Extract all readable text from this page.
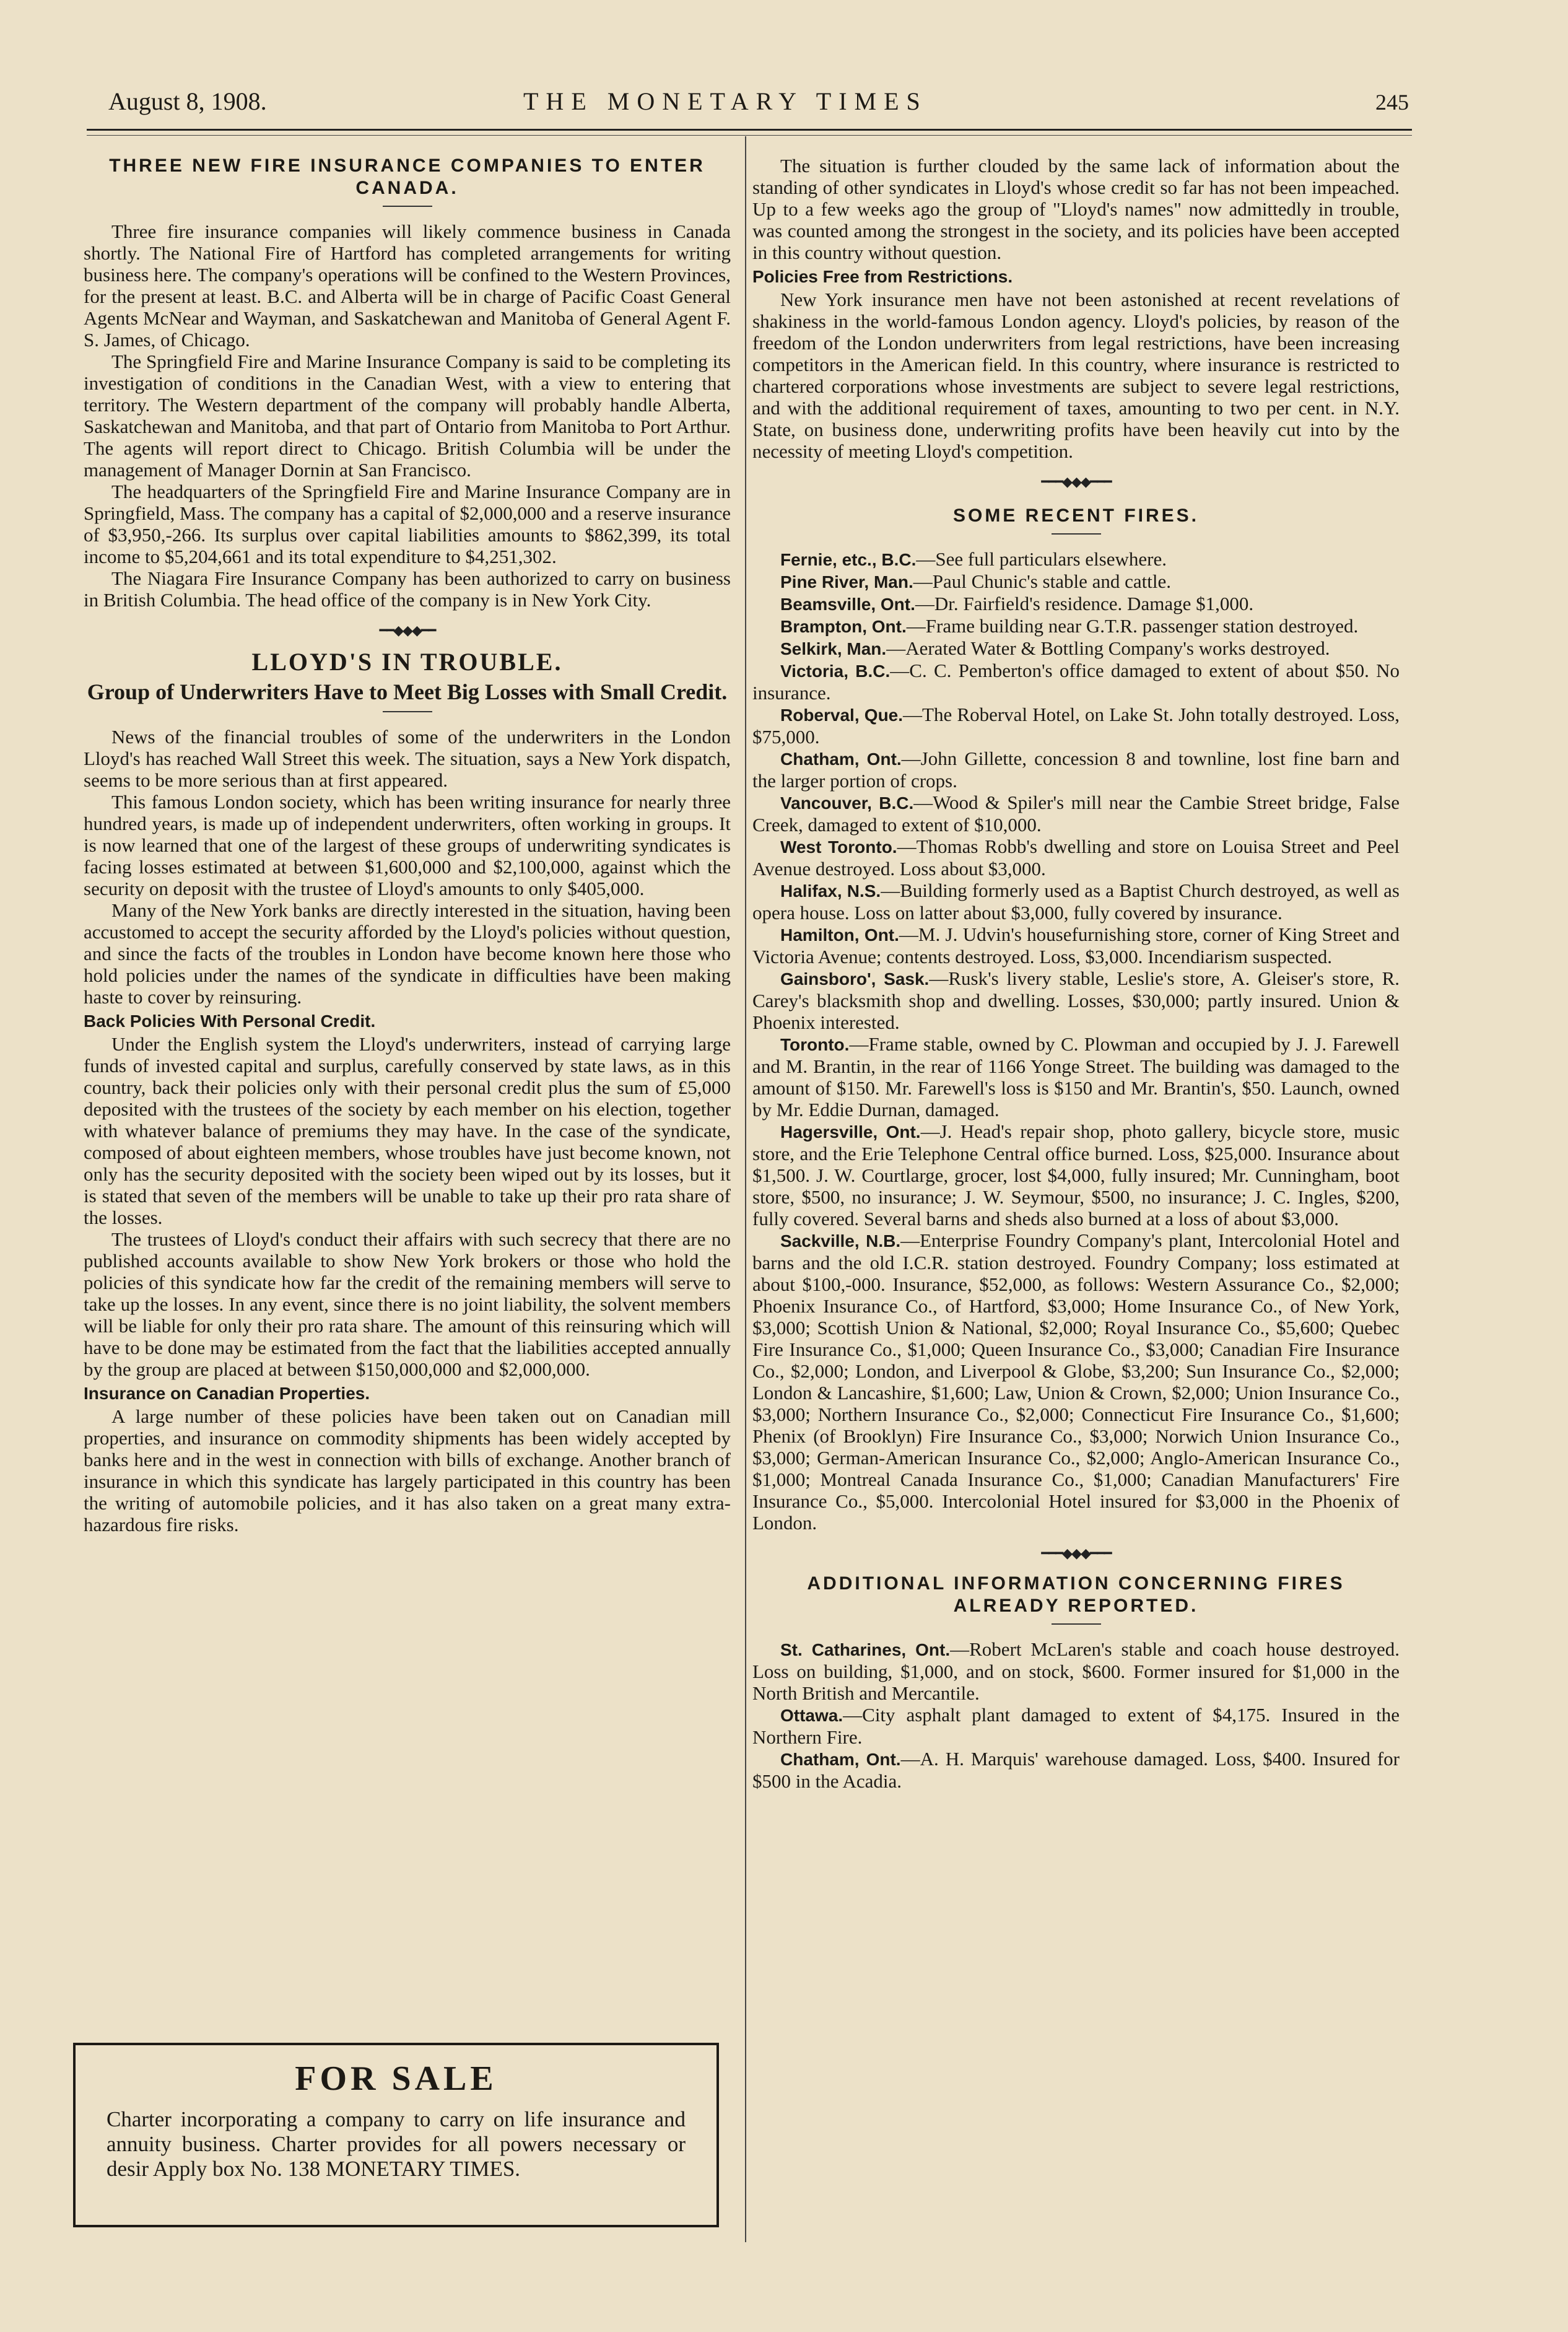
August 8, 1908.	THE MONETARY TIMES	245
THREE NEW FIRE INSURANCE COMPANIES TO ENTER CANADA.

Three fire insurance companies will likely commence business in Canada shortly. The National Fire of Hartford has completed arrangements for writing business here. The company's operations will be confined to the Western Provinces, for the present at least. B.C. and Alberta will be in charge of Pacific Coast General Agents McNear and Wayman, and Saskatchewan and Manitoba of General Agent F. S. James, of Chicago.

The Springfield Fire and Marine Insurance Company is said to be completing its investigation of conditions in the Canadian West, with a view to entering that territory. The Western department of the company will probably handle Alberta, Saskatchewan and Manitoba, and that part of Ontario from Manitoba to Port Arthur. The agents will report direct to Chicago. British Columbia will be under the management of Manager Dornin at San Francisco.

The headquarters of the Springfield Fire and Marine Insurance Company are in Springfield, Mass. The company has a capital of $2,000,000 and a reserve insurance of $3,950,-266. Its surplus over capital liabilities amounts to $862,399, its total income to $5,204,661 and its total expenditure to $4,251,302.

The Niagara Fire Insurance Company has been authorized to carry on business in British Columbia. The head office of the company is in New York City.

━━◆◆◆━━
LLOYD'S IN TROUBLE.
Group of Underwriters Have to Meet Big Losses with Small Credit.

News of the financial troubles of some of the underwriters in the London Lloyd's has reached Wall Street this week. The situation, says a New York dispatch, seems to be more serious than at first appeared.

This famous London society, which has been writing insurance for nearly three hundred years, is made up of independent underwriters, often working in groups. It is now learned that one of the largest of these groups of underwriting syndicates is facing losses estimated at between $1,600,000 and $2,100,000, against which the security on deposit with the trustee of Lloyd's amounts to only $405,000.

Many of the New York banks are directly interested in the situation, having been accustomed to accept the security afforded by the Lloyd's policies without question, and since the facts of the troubles in London have become known here those who hold policies under the names of the syndicate in difficulties have been making haste to cover by reinsuring.

Back Policies With Personal Credit.

Under the English system the Lloyd's underwriters, instead of carrying large funds of invested capital and surplus, carefully conserved by state laws, as in this country, back their policies only with their personal credit plus the sum of £5,000 deposited with the trustees of the society by each member on his election, together with whatever balance of premiums they may have. In the case of the syndicate, composed of about eighteen members, whose troubles have just become known, not only has the security deposited with the society been wiped out by its losses, but it is stated that seven of the members will be unable to take up their pro rata share of the losses.

The trustees of Lloyd's conduct their affairs with such secrecy that there are no published accounts available to show New York brokers or those who hold the policies of this syndicate how far the credit of the remaining members will serve to take up the losses. In any event, since there is no joint liability, the solvent members will be liable for only their pro rata share. The amount of this reinsuring which will have to be done may be estimated from the fact that the liabilities accepted annually by the group are placed at between $150,000,000 and $2,000,000.

Insurance on Canadian Properties.

A large number of these policies have been taken out on Canadian mill properties, and insurance on commodity shipments has been widely accepted by banks here and in the west in connection with bills of exchange. Another branch of insurance in which this syndicate has largely participated in this country has been the writing of automobile policies, and it has also taken on a great many extra-hazardous fire risks.

FOR SALE
Charter incorporating a company to carry on life insurance and annuity business. Charter provides for all powers necessary or desir Apply box No. 138 MONETARY TIMES.

The situation is further clouded by the same lack of information about the standing of other syndicates in Lloyd's whose credit so far has not been impeached. Up to a few weeks ago the group of "Lloyd's names" now admittedly in trouble, was counted among the strongest in the society, and its policies have been accepted in this country without question.

Policies Free from Restrictions.

New York insurance men have not been astonished at recent revelations of shakiness in the world-famous London agency. Lloyd's policies, by reason of the freedom of the London underwriters from legal restrictions, have been increasing competitors in the American field. In this country, where insurance is restricted to chartered corporations whose investments are subject to severe legal restrictions, and with the additional requirement of taxes, amounting to two per cent. in N.Y. State, on business done, underwriting profits have been heavily cut into by the necessity of meeting Lloyd's competition.

━━━◆◆◆━━━
SOME RECENT FIRES.

Fernie, etc., B.C.—See full particulars elsewhere.

Pine River, Man.—Paul Chunic's stable and cattle.

Beamsville, Ont.—Dr. Fairfield's residence. Damage $1,000.

Brampton, Ont.—Frame building near G.T.R. passenger station destroyed.

Selkirk, Man.—Aerated Water & Bottling Company's works destroyed.

Victoria, B.C.—C. C. Pemberton's office damaged to extent of about $50. No insurance.

Roberval, Que.—The Roberval Hotel, on Lake St. John totally destroyed. Loss, $75,000.

Chatham, Ont.—John Gillette, concession 8 and townline, lost fine barn and the larger portion of crops.

Vancouver, B.C.—Wood & Spiler's mill near the Cambie Street bridge, False Creek, damaged to extent of $10,000.

West Toronto.—Thomas Robb's dwelling and store on Louisa Street and Peel Avenue destroyed. Loss about $3,000.

Halifax, N.S.—Building formerly used as a Baptist Church destroyed, as well as opera house. Loss on latter about $3,000, fully covered by insurance.

Hamilton, Ont.—M. J. Udvin's housefurnishing store, corner of King Street and Victoria Avenue; contents destroyed. Loss, $3,000. Incendiarism suspected.

Gainsboro', Sask.—Rusk's livery stable, Leslie's store, A. Gleiser's store, R. Carey's blacksmith shop and dwelling. Losses, $30,000; partly insured. Union & Phoenix interested.

Toronto.—Frame stable, owned by C. Plowman and occupied by J. J. Farewell and M. Brantin, in the rear of 1166 Yonge Street. The building was damaged to the amount of $150. Mr. Farewell's loss is $150 and Mr. Brantin's, $50. Launch, owned by Mr. Eddie Durnan, damaged.

Hagersville, Ont.—J. Head's repair shop, photo gallery, bicycle store, music store, and the Erie Telephone Central office burned. Loss, $25,000. Insurance about $1,500. J. W. Courtlarge, grocer, lost $4,000, fully insured; Mr. Cunningham, boot store, $500, no insurance; J. W. Seymour, $500, no insurance; J. C. Ingles, $200, fully covered. Several barns and sheds also burned at a loss of about $3,000.

Sackville, N.B.—Enterprise Foundry Company's plant, Intercolonial Hotel and barns and the old I.C.R. station destroyed. Foundry Company; loss estimated at about $100,-000. Insurance, $52,000, as follows: Western Assurance Co., $2,000; Phoenix Insurance Co., of Hartford, $3,000; Home Insurance Co., of New York, $3,000; Scottish Union & National, $2,000; Royal Insurance Co., $5,600; Quebec Fire Insurance Co., $1,000; Queen Insurance Co., $3,000; Canadian Fire Insurance Co., $2,000; London, and Liverpool & Globe, $3,200; Sun Insurance Co., $2,000; London & Lancashire, $1,600; Law, Union & Crown, $2,000; Union Insurance Co., $3,000; Northern Insurance Co., $2,000; Connecticut Fire Insurance Co., $1,600; Phenix (of Brooklyn) Fire Insurance Co., $3,000; Norwich Union Insurance Co., $3,000; German-American Insurance Co., $2,000; Anglo-American Insurance Co., $1,000; Montreal Canada Insurance Co., $1,000; Canadian Manufacturers' Fire Insurance Co., $5,000. Intercolonial Hotel insured for $3,000 in the Phoenix of London.

━━━◆◆◆━━━
ADDITIONAL INFORMATION CONCERNING FIRES ALREADY REPORTED.

St. Catharines, Ont.—Robert McLaren's stable and coach house destroyed. Loss on building, $1,000, and on stock, $600. Former insured for $1,000 in the North British and Mercantile.

Ottawa.—City asphalt plant damaged to extent of $4,175. Insured in the Northern Fire.

Chatham, Ont.—A. H. Marquis' warehouse damaged. Loss, $400. Insured for $500 in the Acadia.
